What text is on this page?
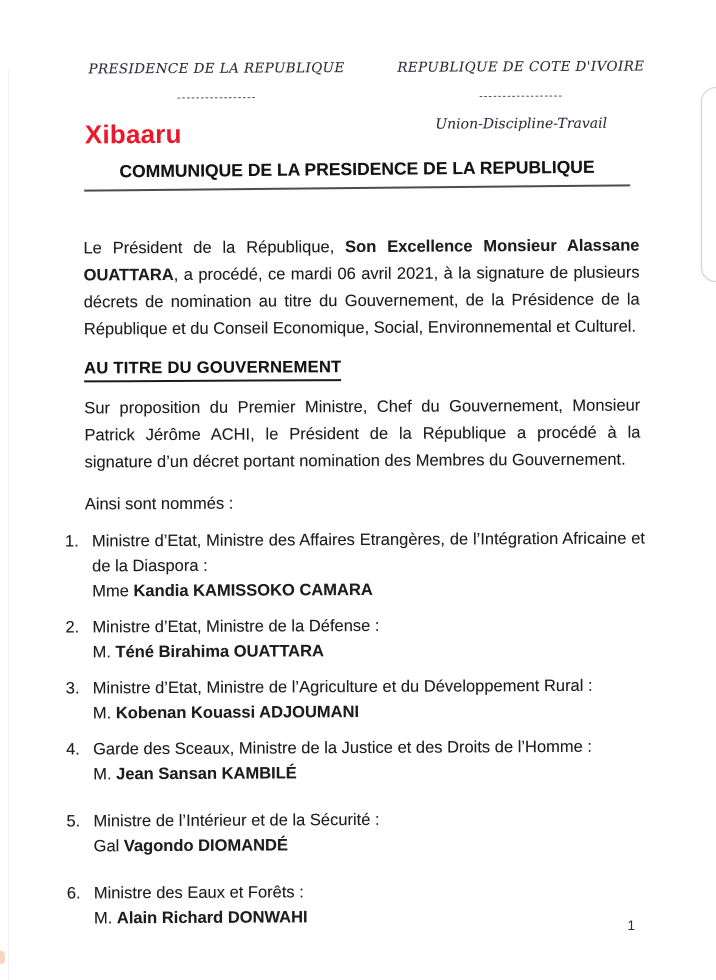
PRESIDENCE DE LA REPUBLIQUE
-----------------
REPUBLIQUE DE COTE D'IVOIRE
------------------
Union-Discipline-Travail
Xibaaru
COMMUNIQUE DE LA PRESIDENCE DE LA REPUBLIQUE

Le Président de la République, Son Excellence Monsieur Alassane OUATTARA, a procédé, ce mardi 06 avril 2021, à la signature de plusieurs décrets de nomination au titre du Gouvernement, de la Présidence de la République et du Conseil Economique, Social, Environnemental et Culturel.

AU TITRE DU GOUVERNEMENT

Sur proposition du Premier Ministre, Chef du Gouvernement, Monsieur Patrick Jérôme ACHI, le Président de la République a procédé à la signature d’un décret portant nomination des Membres du Gouvernement.

Ainsi sont nommés :

1. Ministre d’Etat, Ministre des Affaires Etrangères, de l’Intégration Africaine et de la Diaspora :
Mme Kandia KAMISSOKO CAMARA
2. Ministre d’Etat, Ministre de la Défense :
M. Téné Birahima OUATTARA
3. Ministre d’Etat, Ministre de l’Agriculture et du Développement Rural :
M. Kobenan Kouassi ADJOUMANI
4. Garde des Sceaux, Ministre de la Justice et des Droits de l’Homme :
M. Jean Sansan KAMBILÉ
5. Ministre de l’Intérieur et de la Sécurité :
Gal Vagondo DIOMANDÉ
6. Ministre des Eaux et Forêts :
M. Alain Richard DONWAHI	1
